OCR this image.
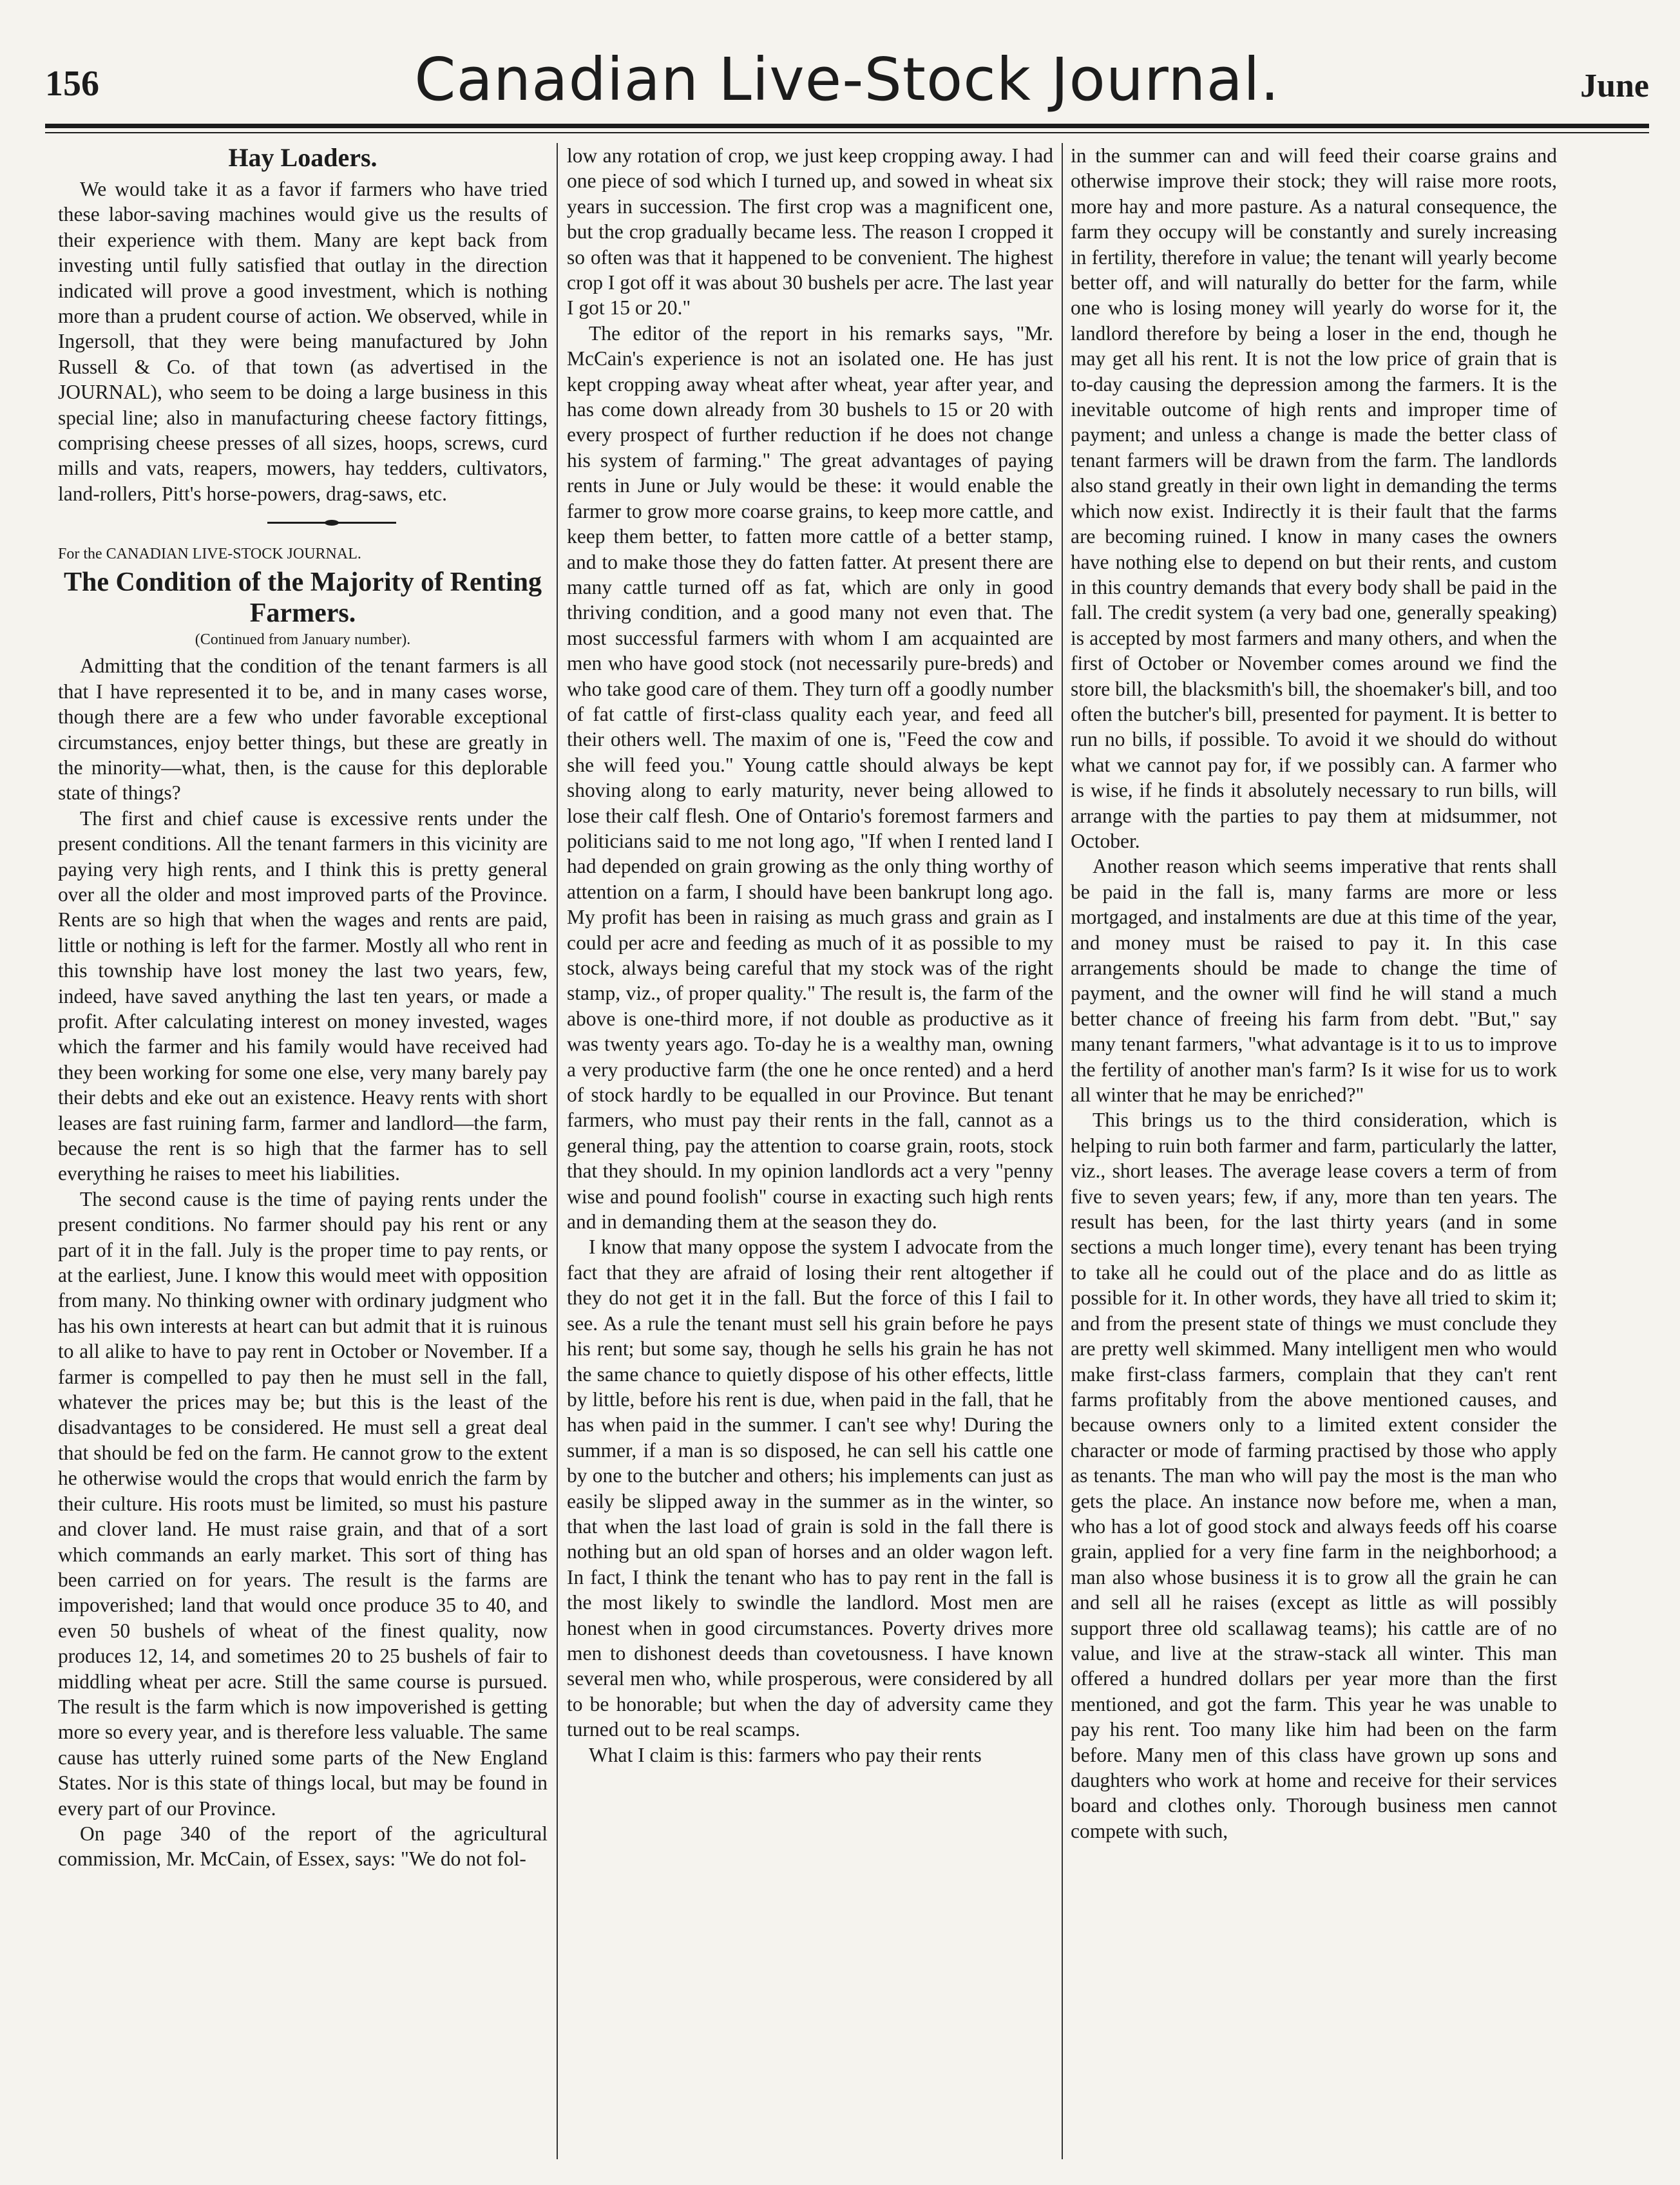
156	Canadian Live-Stock Journal.	June
Hay Loaders.

We would take it as a favor if farmers who have tried these labor-saving machines would give us the results of their experience with them. Many are kept back from investing until fully satisfied that outlay in the direction indicated will prove a good investment, which is nothing more than a prudent course of action. We observed, while in Ingersoll, that they were being manufactured by John Russell & Co. of that town (as advertised in the JOURNAL), who seem to be doing a large business in this special line; also in manufacturing cheese factory fittings, comprising cheese presses of all sizes, hoops, screws, curd mills and vats, reapers, mowers, hay tedders, cultivators, land-rollers, Pitt's horse-powers, drag-saws, etc.

For the CANADIAN LIVE-STOCK JOURNAL.
The Condition of the Majority of Renting Farmers.
(Continued from January number).

Admitting that the condition of the tenant farmers is all that I have represented it to be, and in many cases worse, though there are a few who under favorable exceptional circumstances, enjoy better things, but these are greatly in the minority—what, then, is the cause for this deplorable state of things?

The first and chief cause is excessive rents under the present conditions. All the tenant farmers in this vicinity are paying very high rents, and I think this is pretty general over all the older and most improved parts of the Province. Rents are so high that when the wages and rents are paid, little or nothing is left for the farmer. Mostly all who rent in this township have lost money the last two years, few, indeed, have saved anything the last ten years, or made a profit. After calculating interest on money invested, wages which the farmer and his family would have received had they been working for some one else, very many barely pay their debts and eke out an existence. Heavy rents with short leases are fast ruining farm, farmer and landlord—the farm, because the rent is so high that the farmer has to sell everything he raises to meet his liabilities.

The second cause is the time of paying rents under the present conditions. No farmer should pay his rent or any part of it in the fall. July is the proper time to pay rents, or at the earliest, June. I know this would meet with opposition from many. No thinking owner with ordinary judgment who has his own interests at heart can but admit that it is ruinous to all alike to have to pay rent in October or November. If a farmer is compelled to pay then he must sell in the fall, whatever the prices may be; but this is the least of the disadvantages to be considered. He must sell a great deal that should be fed on the farm. He cannot grow to the extent he otherwise would the crops that would enrich the farm by their culture. His roots must be limited, so must his pasture and clover land. He must raise grain, and that of a sort which commands an early market. This sort of thing has been carried on for years. The result is the farms are impoverished; land that would once produce 35 to 40, and even 50 bushels of wheat of the finest quality, now produces 12, 14, and sometimes 20 to 25 bushels of fair to middling wheat per acre. Still the same course is pursued. The result is the farm which is now impoverished is getting more so every year, and is therefore less valuable. The same cause has utterly ruined some parts of the New England States. Nor is this state of things local, but may be found in every part of our Province.

On page 340 of the report of the agricultural commission, Mr. McCain, of Essex, says: "We do not fol-

low any rotation of crop, we just keep cropping away. I had one piece of sod which I turned up, and sowed in wheat six years in succession. The first crop was a magnificent one, but the crop gradually became less. The reason I cropped it so often was that it happened to be convenient. The highest crop I got off it was about 30 bushels per acre. The last year I got 15 or 20."

The editor of the report in his remarks says, "Mr. McCain's experience is not an isolated one. He has just kept cropping away wheat after wheat, year after year, and has come down already from 30 bushels to 15 or 20 with every prospect of further reduction if he does not change his system of farming." The great advantages of paying rents in June or July would be these: it would enable the farmer to grow more coarse grains, to keep more cattle, and keep them better, to fatten more cattle of a better stamp, and to make those they do fatten fatter. At present there are many cattle turned off as fat, which are only in good thriving condition, and a good many not even that. The most successful farmers with whom I am acquainted are men who have good stock (not necessarily pure-breds) and who take good care of them. They turn off a goodly number of fat cattle of first-class quality each year, and feed all their others well. The maxim of one is, "Feed the cow and she will feed you." Young cattle should always be kept shoving along to early maturity, never being allowed to lose their calf flesh. One of Ontario's foremost farmers and politicians said to me not long ago, "If when I rented land I had depended on grain growing as the only thing worthy of attention on a farm, I should have been bankrupt long ago. My profit has been in raising as much grass and grain as I could per acre and feeding as much of it as possible to my stock, always being careful that my stock was of the right stamp, viz., of proper quality." The result is, the farm of the above is one-third more, if not double as productive as it was twenty years ago. To-day he is a wealthy man, owning a very productive farm (the one he once rented) and a herd of stock hardly to be equalled in our Province. But tenant farmers, who must pay their rents in the fall, cannot as a general thing, pay the attention to coarse grain, roots, stock that they should. In my opinion landlords act a very "penny wise and pound foolish" course in exacting such high rents and in demanding them at the season they do.

I know that many oppose the system I advocate from the fact that they are afraid of losing their rent altogether if they do not get it in the fall. But the force of this I fail to see. As a rule the tenant must sell his grain before he pays his rent; but some say, though he sells his grain he has not the same chance to quietly dispose of his other effects, little by little, before his rent is due, when paid in the fall, that he has when paid in the summer. I can't see why! During the summer, if a man is so disposed, he can sell his cattle one by one to the butcher and others; his implements can just as easily be slipped away in the summer as in the winter, so that when the last load of grain is sold in the fall there is nothing but an old span of horses and an older wagon left. In fact, I think the tenant who has to pay rent in the fall is the most likely to swindle the landlord. Most men are honest when in good circumstances. Poverty drives more men to dishonest deeds than covetousness. I have known several men who, while prosperous, were considered by all to be honorable; but when the day of adversity came they turned out to be real scamps.

What I claim is this: farmers who pay their rents

in the summer can and will feed their coarse grains and otherwise improve their stock; they will raise more roots, more hay and more pasture. As a natural consequence, the farm they occupy will be constantly and surely increasing in fertility, therefore in value; the tenant will yearly become better off, and will naturally do better for the farm, while one who is losing money will yearly do worse for it, the landlord therefore by being a loser in the end, though he may get all his rent. It is not the low price of grain that is to-day causing the depression among the farmers. It is the inevitable outcome of high rents and improper time of payment; and unless a change is made the better class of tenant farmers will be drawn from the farm. The landlords also stand greatly in their own light in demanding the terms which now exist. Indirectly it is their fault that the farms are becoming ruined. I know in many cases the owners have nothing else to depend on but their rents, and custom in this country demands that every body shall be paid in the fall. The credit system (a very bad one, generally speaking) is accepted by most farmers and many others, and when the first of October or November comes around we find the store bill, the blacksmith's bill, the shoemaker's bill, and too often the butcher's bill, presented for payment. It is better to run no bills, if possible. To avoid it we should do without what we cannot pay for, if we possibly can. A farmer who is wise, if he finds it absolutely necessary to run bills, will arrange with the parties to pay them at midsummer, not October.

Another reason which seems imperative that rents shall be paid in the fall is, many farms are more or less mortgaged, and instalments are due at this time of the year, and money must be raised to pay it. In this case arrangements should be made to change the time of payment, and the owner will find he will stand a much better chance of freeing his farm from debt. "But," say many tenant farmers, "what advantage is it to us to improve the fertility of another man's farm? Is it wise for us to work all winter that he may be enriched?"

This brings us to the third consideration, which is helping to ruin both farmer and farm, particularly the latter, viz., short leases. The average lease covers a term of from five to seven years; few, if any, more than ten years. The result has been, for the last thirty years (and in some sections a much longer time), every tenant has been trying to take all he could out of the place and do as little as possible for it. In other words, they have all tried to skim it; and from the present state of things we must conclude they are pretty well skimmed. Many intelligent men who would make first-class farmers, complain that they can't rent farms profitably from the above mentioned causes, and because owners only to a limited extent consider the character or mode of farming practised by those who apply as tenants. The man who will pay the most is the man who gets the place. An instance now before me, when a man, who has a lot of good stock and always feeds off his coarse grain, applied for a very fine farm in the neighborhood; a man also whose business it is to grow all the grain he can and sell all he raises (except as little as will possibly support three old scallawag teams); his cattle are of no value, and live at the straw-stack all winter. This man offered a hundred dollars per year more than the first mentioned, and got the farm. This year he was unable to pay his rent. Too many like him had been on the farm before. Many men of this class have grown up sons and daughters who work at home and receive for their services board and clothes only. Thorough business men cannot compete with such,
